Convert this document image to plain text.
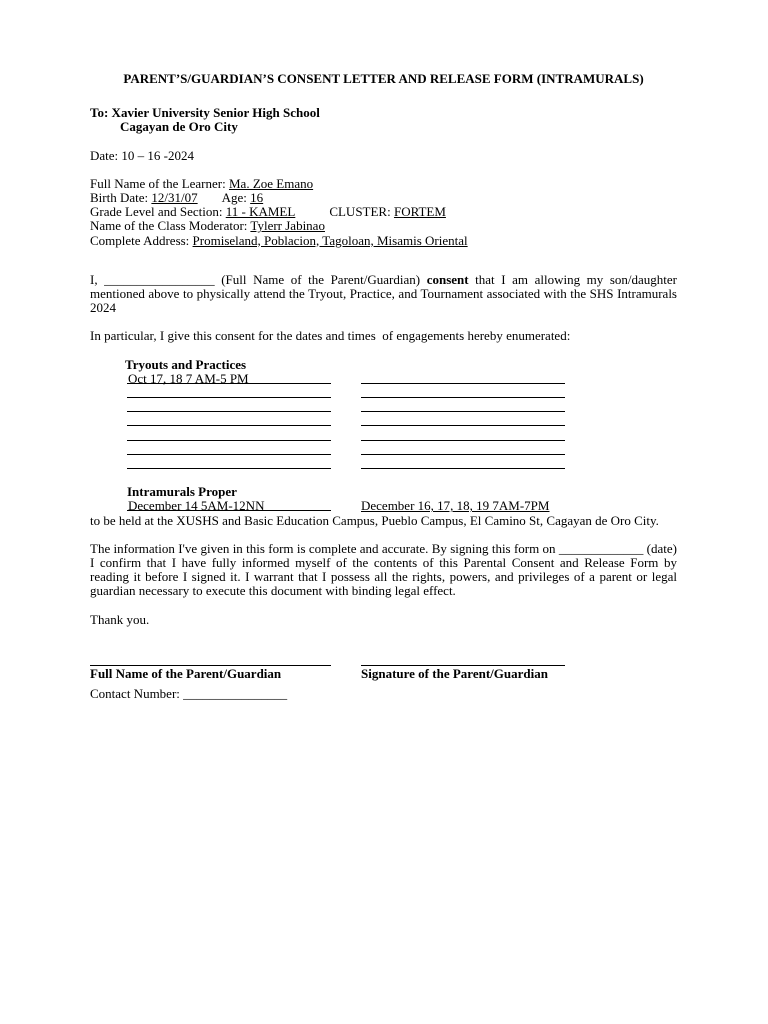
PARENT’S/GUARDIAN’S CONSENT LETTER AND RELEASE FORM (INTRAMURALS)

To: Xavier University Senior High School
Cagayan de Oro City
Date: 10 – 16 -2024
Full Name of the Learner: Ma. Zoe Emano
Birth Date: 12/31/07 Age: 16
Grade Level and Section: 11 - KAMEL	CLUSTER: FORTEM
Name of the Class Moderator: Tylerr Jabinao
Complete Address: Promiseland, Poblacion, Tagoloan, Misamis Oriental
I, _________________ (Full Name of the Parent/Guardian) consent that I am allowing my son/daughter mentioned above to physically attend the Tryout, Practice, and Tournament associated with the SHS Intramurals 2024
In particular, I give this consent for the dates and times  of engagements hereby enumerated:
Tryouts and Practices
Oct 17, 18 7 AM-5 PM
Intramurals Proper
December 14 5AM-12NN	December 16, 17, 18, 19 7AM-7PM
to be held at the XUSHS and Basic Education Campus, Pueblo Campus, El Camino St, Cagayan de Oro City.
The information I've given in this form is complete and accurate. By signing this form on _____________ (date) I confirm that I have fully informed myself of the contents of this Parental Consent and Release Form by reading it before I signed it. I warrant that I possess all the rights, powers, and privileges of a parent or legal guardian necessary to execute this document with binding legal effect.
Thank you.
Full Name of the Parent/Guardian	Signature of the Parent/Guardian
Contact Number: ________________
